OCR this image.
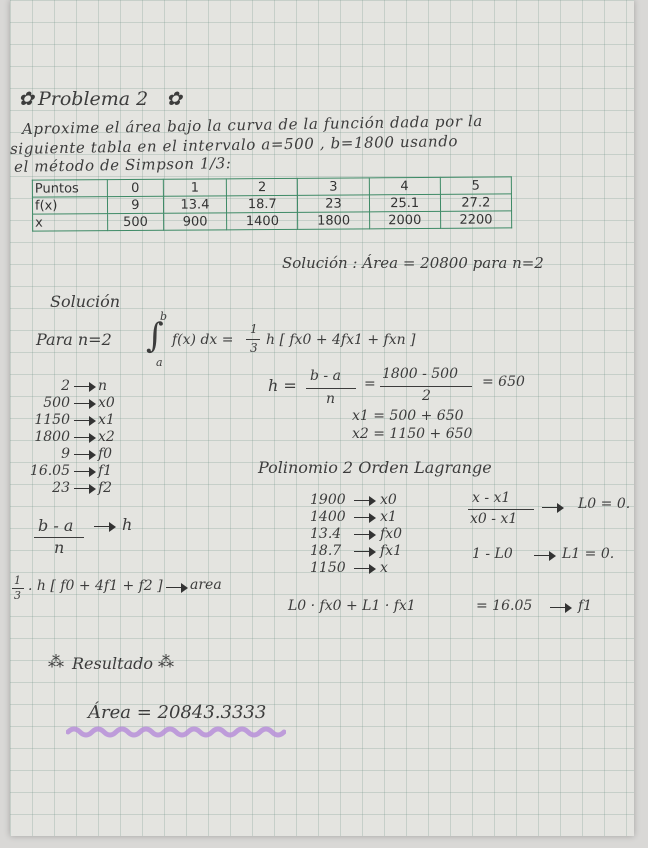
✿ Problema 2 ✿
Aproxime el área bajo la curva de la función dada por la
siguiente tabla en el intervalo a=500 , b=1800 usando
el método de Simpson 1/3:
Puntos	0	1	2	3	4	5
f(x)	9	13.4	18.7	23	25.1	27.2
x	500	900	1400	1800	2000	2200
Solución : Área = 20800 para n=2
Solución
Para n=2 ∫
b
a
f(x) dx =
1
3 h [ fx0 + 4fx1 + fxn ]
h = b - a
n
=
1800 - 500
2
= 650
x1 = 500 + 650
x2 = 1150 + 650
2 n
500 x0
1150 x1
1800 x2
9 f0
16.05 f1
23 f2
b - a
n
h
1
3
. h [ f0 + 4f1 + f2 ] area
Polinomio 2 Orden Lagrange
1900 x0
1400 x1
13.4	fx0
18.7	fx1
1150 x
x - x1
x0 - x1
L0 = 0.
1 - L0	L1 = 0.
L0 · fx0 + L1 · fx1	= 16.05	f1
⁂ Resultado ⁂
Área = 20843.3333
